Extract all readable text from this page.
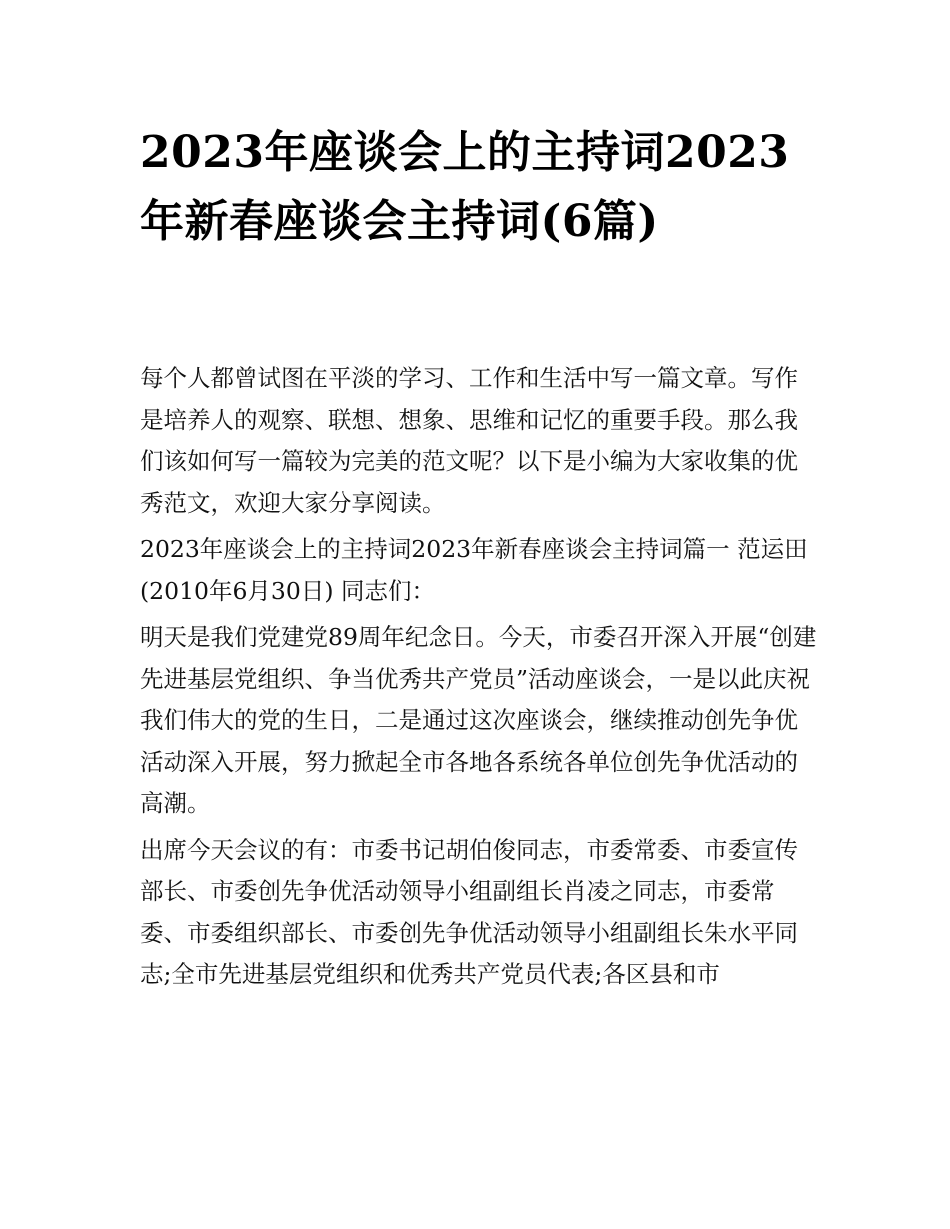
2023年座谈会上的主持词2023年新春座谈会主持词(6篇)

每个人都曾试图在平淡的学习、工作和生活中写一篇文章。写作是培养人的观察、联想、想象、思维和记忆的重要手段。那么我们该如何写一篇较为完美的范文呢？以下是小编为大家收集的优秀范文，欢迎大家分享阅读。

2023年座谈会上的主持词2023年新春座谈会主持词篇一 范运田 (2010年6月30日) 同志们：

明天是我们党建党89周年纪念日。今天，市委召开深入开展“创建先进基层党组织、争当优秀共产党员”活动座谈会，一是以此庆祝我们伟大的党的生日，二是通过这次座谈会，继续推动创先争优活动深入开展，努力掀起全市各地各系统各单位创先争优活动的高潮。

出席今天会议的有：市委书记胡伯俊同志，市委常委、市委宣传部长、市委创先争优活动领导小组副组长肖凌之同志，市委常委、市委组织部长、市委创先争优活动领导小组副组长朱水平同志;全市先进基层党组织和优秀共产党员代表;各区县和市
